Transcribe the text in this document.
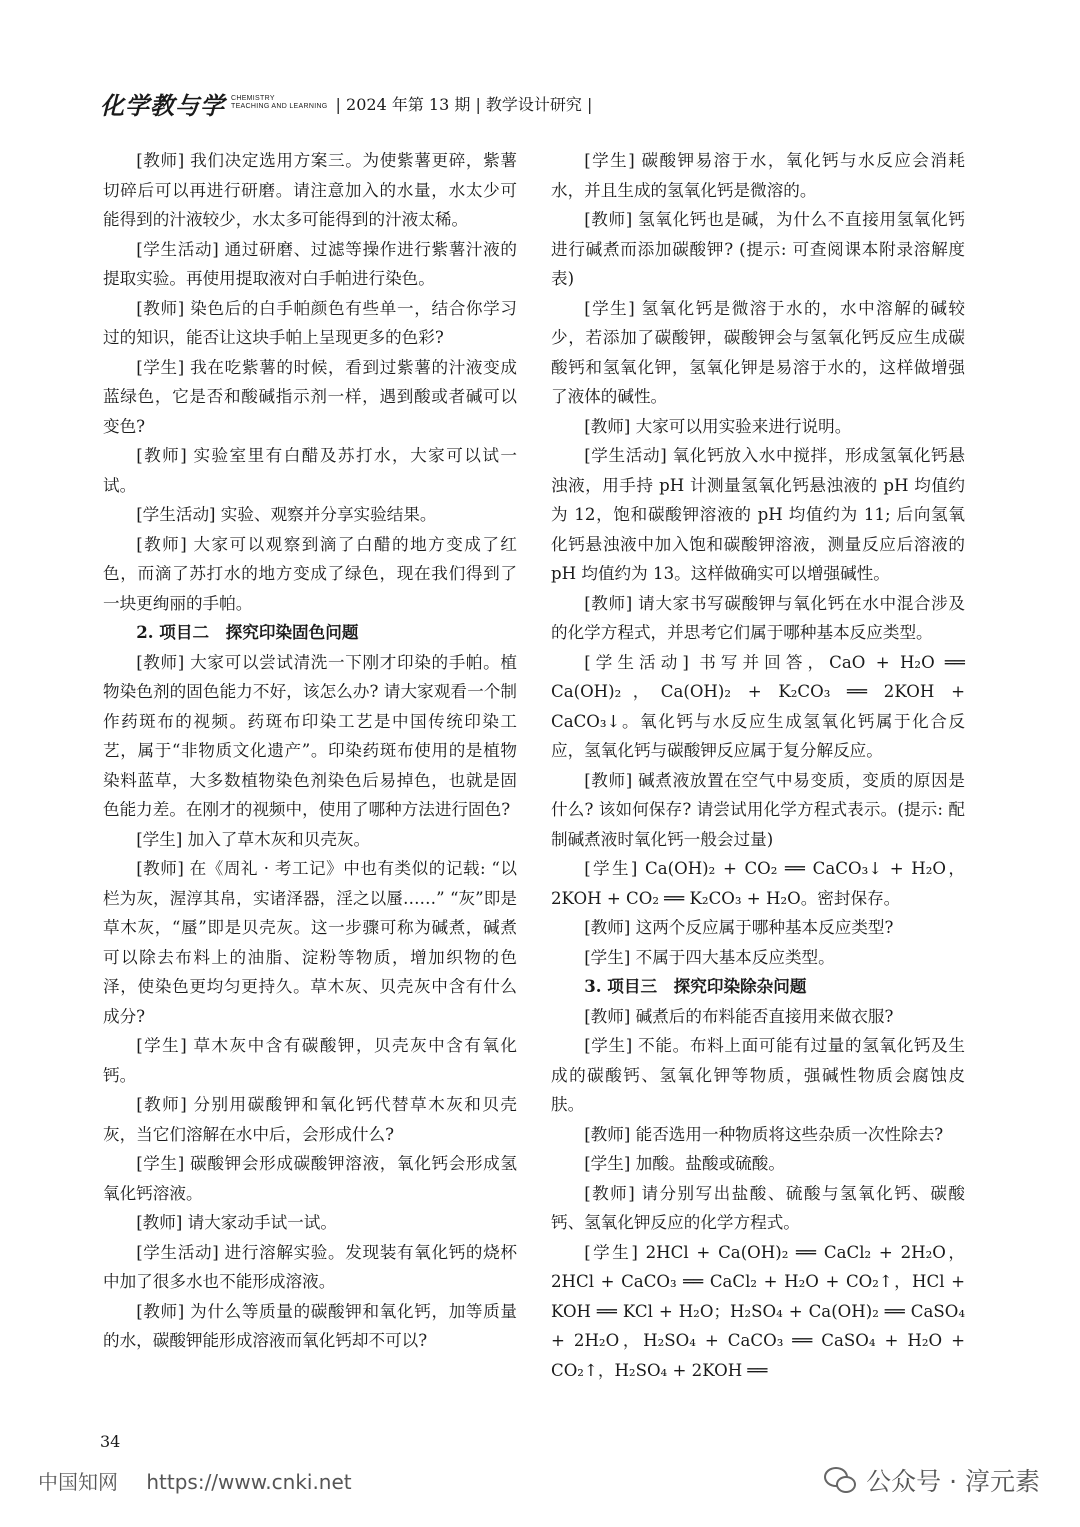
化学教与学 CHEMISTRY
TEACHING AND LEARNING | 2024 年第 13 期 | 教学设计研究 |

[教师] 我们决定选用方案三。为使紫薯更碎，紫薯切碎后可以再进行研磨。请注意加入的水量，水太少可能得到的汁液较少，水太多可能得到的汁液太稀。

[学生活动] 通过研磨、过滤等操作进行紫薯汁液的提取实验。再使用提取液对白手帕进行染色。

[教师] 染色后的白手帕颜色有些单一，结合你学习过的知识，能否让这块手帕上呈现更多的色彩?

[学生] 我在吃紫薯的时候，看到过紫薯的汁液变成蓝绿色，它是否和酸碱指示剂一样，遇到酸或者碱可以变色?

[教师] 实验室里有白醋及苏打水，大家可以试一试。

[学生活动] 实验、观察并分享实验结果。

[教师] 大家可以观察到滴了白醋的地方变成了红色，而滴了苏打水的地方变成了绿色，现在我们得到了一块更绚丽的手帕。

2. 项目二　探究印染固色问题

[教师] 大家可以尝试清洗一下刚才印染的手帕。植物染色剂的固色能力不好，该怎么办? 请大家观看一个制作药斑布的视频。药斑布印染工艺是中国传统印染工艺，属于“非物质文化遗产”。印染药斑布使用的是植物染料蓝草，大多数植物染色剂染色后易掉色，也就是固色能力差。在刚才的视频中，使用了哪种方法进行固色?

[学生] 加入了草木灰和贝壳灰。

[教师] 在《周礼 · 考工记》中也有类似的记载: “以栏为灰，渥淳其帛，实诸泽器，淫之以蜃……” “灰”即是草木灰，“蜃”即是贝壳灰。这一步骤可称为碱煮，碱煮可以除去布料上的油脂、淀粉等物质，增加织物的色泽，使染色更均匀更持久。草木灰、贝壳灰中含有什么成分?

[学生] 草木灰中含有碳酸钾，贝壳灰中含有氧化钙。

[教师] 分别用碳酸钾和氧化钙代替草木灰和贝壳灰，当它们溶解在水中后，会形成什么?

[学生] 碳酸钾会形成碳酸钾溶液，氧化钙会形成氢氧化钙溶液。

[教师] 请大家动手试一试。

[学生活动] 进行溶解实验。发现装有氧化钙的烧杯中加了很多水也不能形成溶液。

[教师] 为什么等质量的碳酸钾和氧化钙，加等质量的水，碳酸钾能形成溶液而氧化钙却不可以?

[学生] 碳酸钾易溶于水，氧化钙与水反应会消耗水，并且生成的氢氧化钙是微溶的。

[教师] 氢氧化钙也是碱，为什么不直接用氢氧化钙进行碱煮而添加碳酸钾? (提示: 可查阅课本附录溶解度表)

[学生] 氢氧化钙是微溶于水的，水中溶解的碱较少，若添加了碳酸钾，碳酸钾会与氢氧化钙反应生成碳酸钙和氢氧化钾，氢氧化钾是易溶于水的，这样做增强了液体的碱性。

[教师] 大家可以用实验来进行说明。

[学生活动] 氧化钙放入水中搅拌，形成氢氧化钙悬浊液，用手持 pH 计测量氢氧化钙悬浊液的 pH 均值约为 12，饱和碳酸钾溶液的 pH 均值约为 11; 后向氢氧化钙悬浊液中加入饱和碳酸钾溶液，测量反应后溶液的 pH 均值约为 13。这样做确实可以增强碱性。

[教师] 请大家书写碳酸钾与氧化钙在水中混合涉及的化学方程式，并思考它们属于哪种基本反应类型。

[学生活动] 书写并回答，CaO + H₂O ══ Ca(OH)₂，Ca(OH)₂ + K₂CO₃ ══ 2KOH + CaCO₃↓。氧化钙与水反应生成氢氧化钙属于化合反应，氢氧化钙与碳酸钾反应属于复分解反应。

[教师] 碱煮液放置在空气中易变质，变质的原因是什么? 该如何保存? 请尝试用化学方程式表示。(提示: 配制碱煮液时氧化钙一般会过量)

[学生] Ca(OH)₂ + CO₂ ══ CaCO₃↓ + H₂O，2KOH + CO₂ ══ K₂CO₃ + H₂O。密封保存。

[教师] 这两个反应属于哪种基本反应类型?

[学生] 不属于四大基本反应类型。

3. 项目三　探究印染除杂问题

[教师] 碱煮后的布料能否直接用来做衣服?

[学生] 不能。布料上面可能有过量的氢氧化钙及生成的碳酸钙、氢氧化钾等物质，强碱性物质会腐蚀皮肤。

[教师] 能否选用一种物质将这些杂质一次性除去?

[学生] 加酸。盐酸或硫酸。

[教师] 请分别写出盐酸、硫酸与氢氧化钙、碳酸钙、氢氧化钾反应的化学方程式。

[学生] 2HCl + Ca(OH)₂ ══ CaCl₂ + 2H₂O，2HCl + CaCO₃ ══ CaCl₂ + H₂O + CO₂↑，HCl + KOH ══ KCl + H₂O；H₂SO₄ + Ca(OH)₂ ══ CaSO₄ + 2H₂O，H₂SO₄ + CaCO₃ ══ CaSO₄ + H₂O + CO₂↑，H₂SO₄ + 2KOH ══

34
中国知网 https://www.cnki.net	公众号 · 淳元素
